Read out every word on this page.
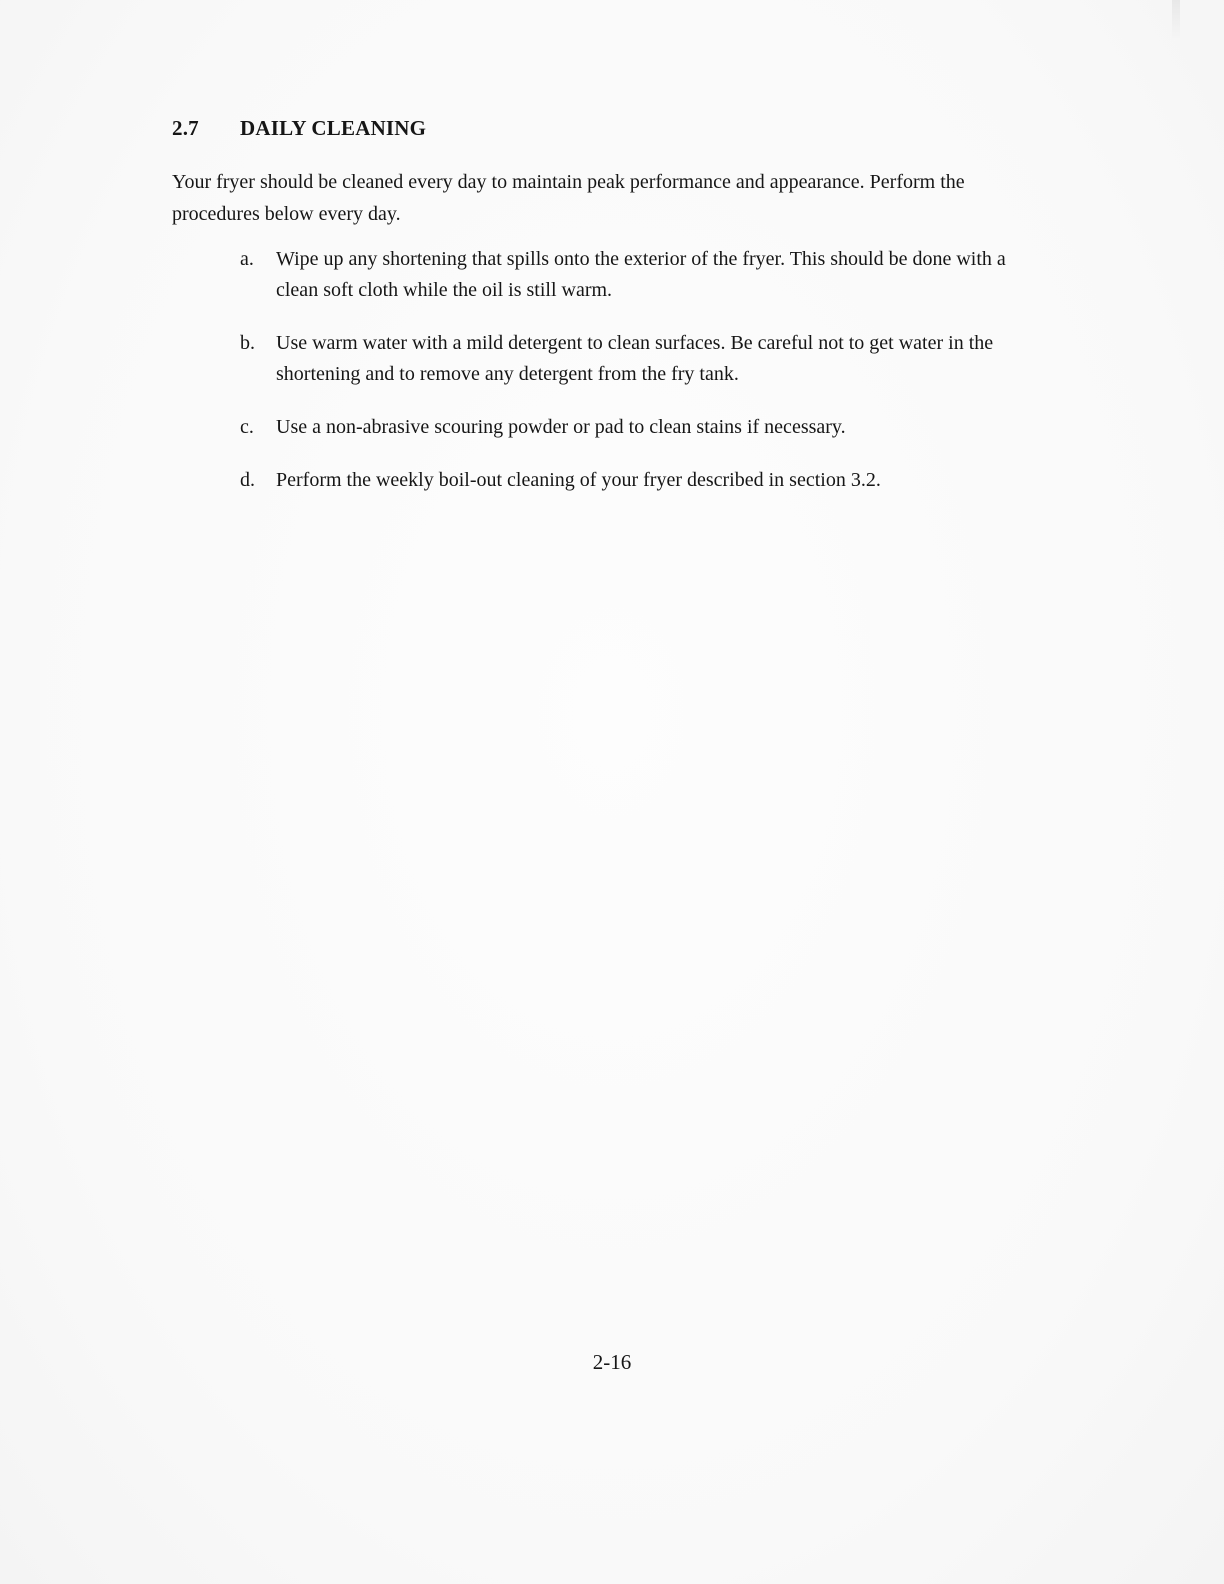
2.7	DAILY CLEANING

Your fryer should be cleaned every day to maintain peak performance and appearance. Perform the procedures below every day.

a.	Wipe up any shortening that spills onto the exterior of the fryer. This should be done with a clean soft cloth while the oil is still warm.
b.	Use warm water with a mild detergent to clean surfaces. Be careful not to get water in the shortening and to remove any detergent from the fry tank.
c.	Use a non-abrasive scouring powder or pad to clean stains if necessary.
d.	Perform the weekly boil-out cleaning of your fryer described in section 3.2.
2-16
